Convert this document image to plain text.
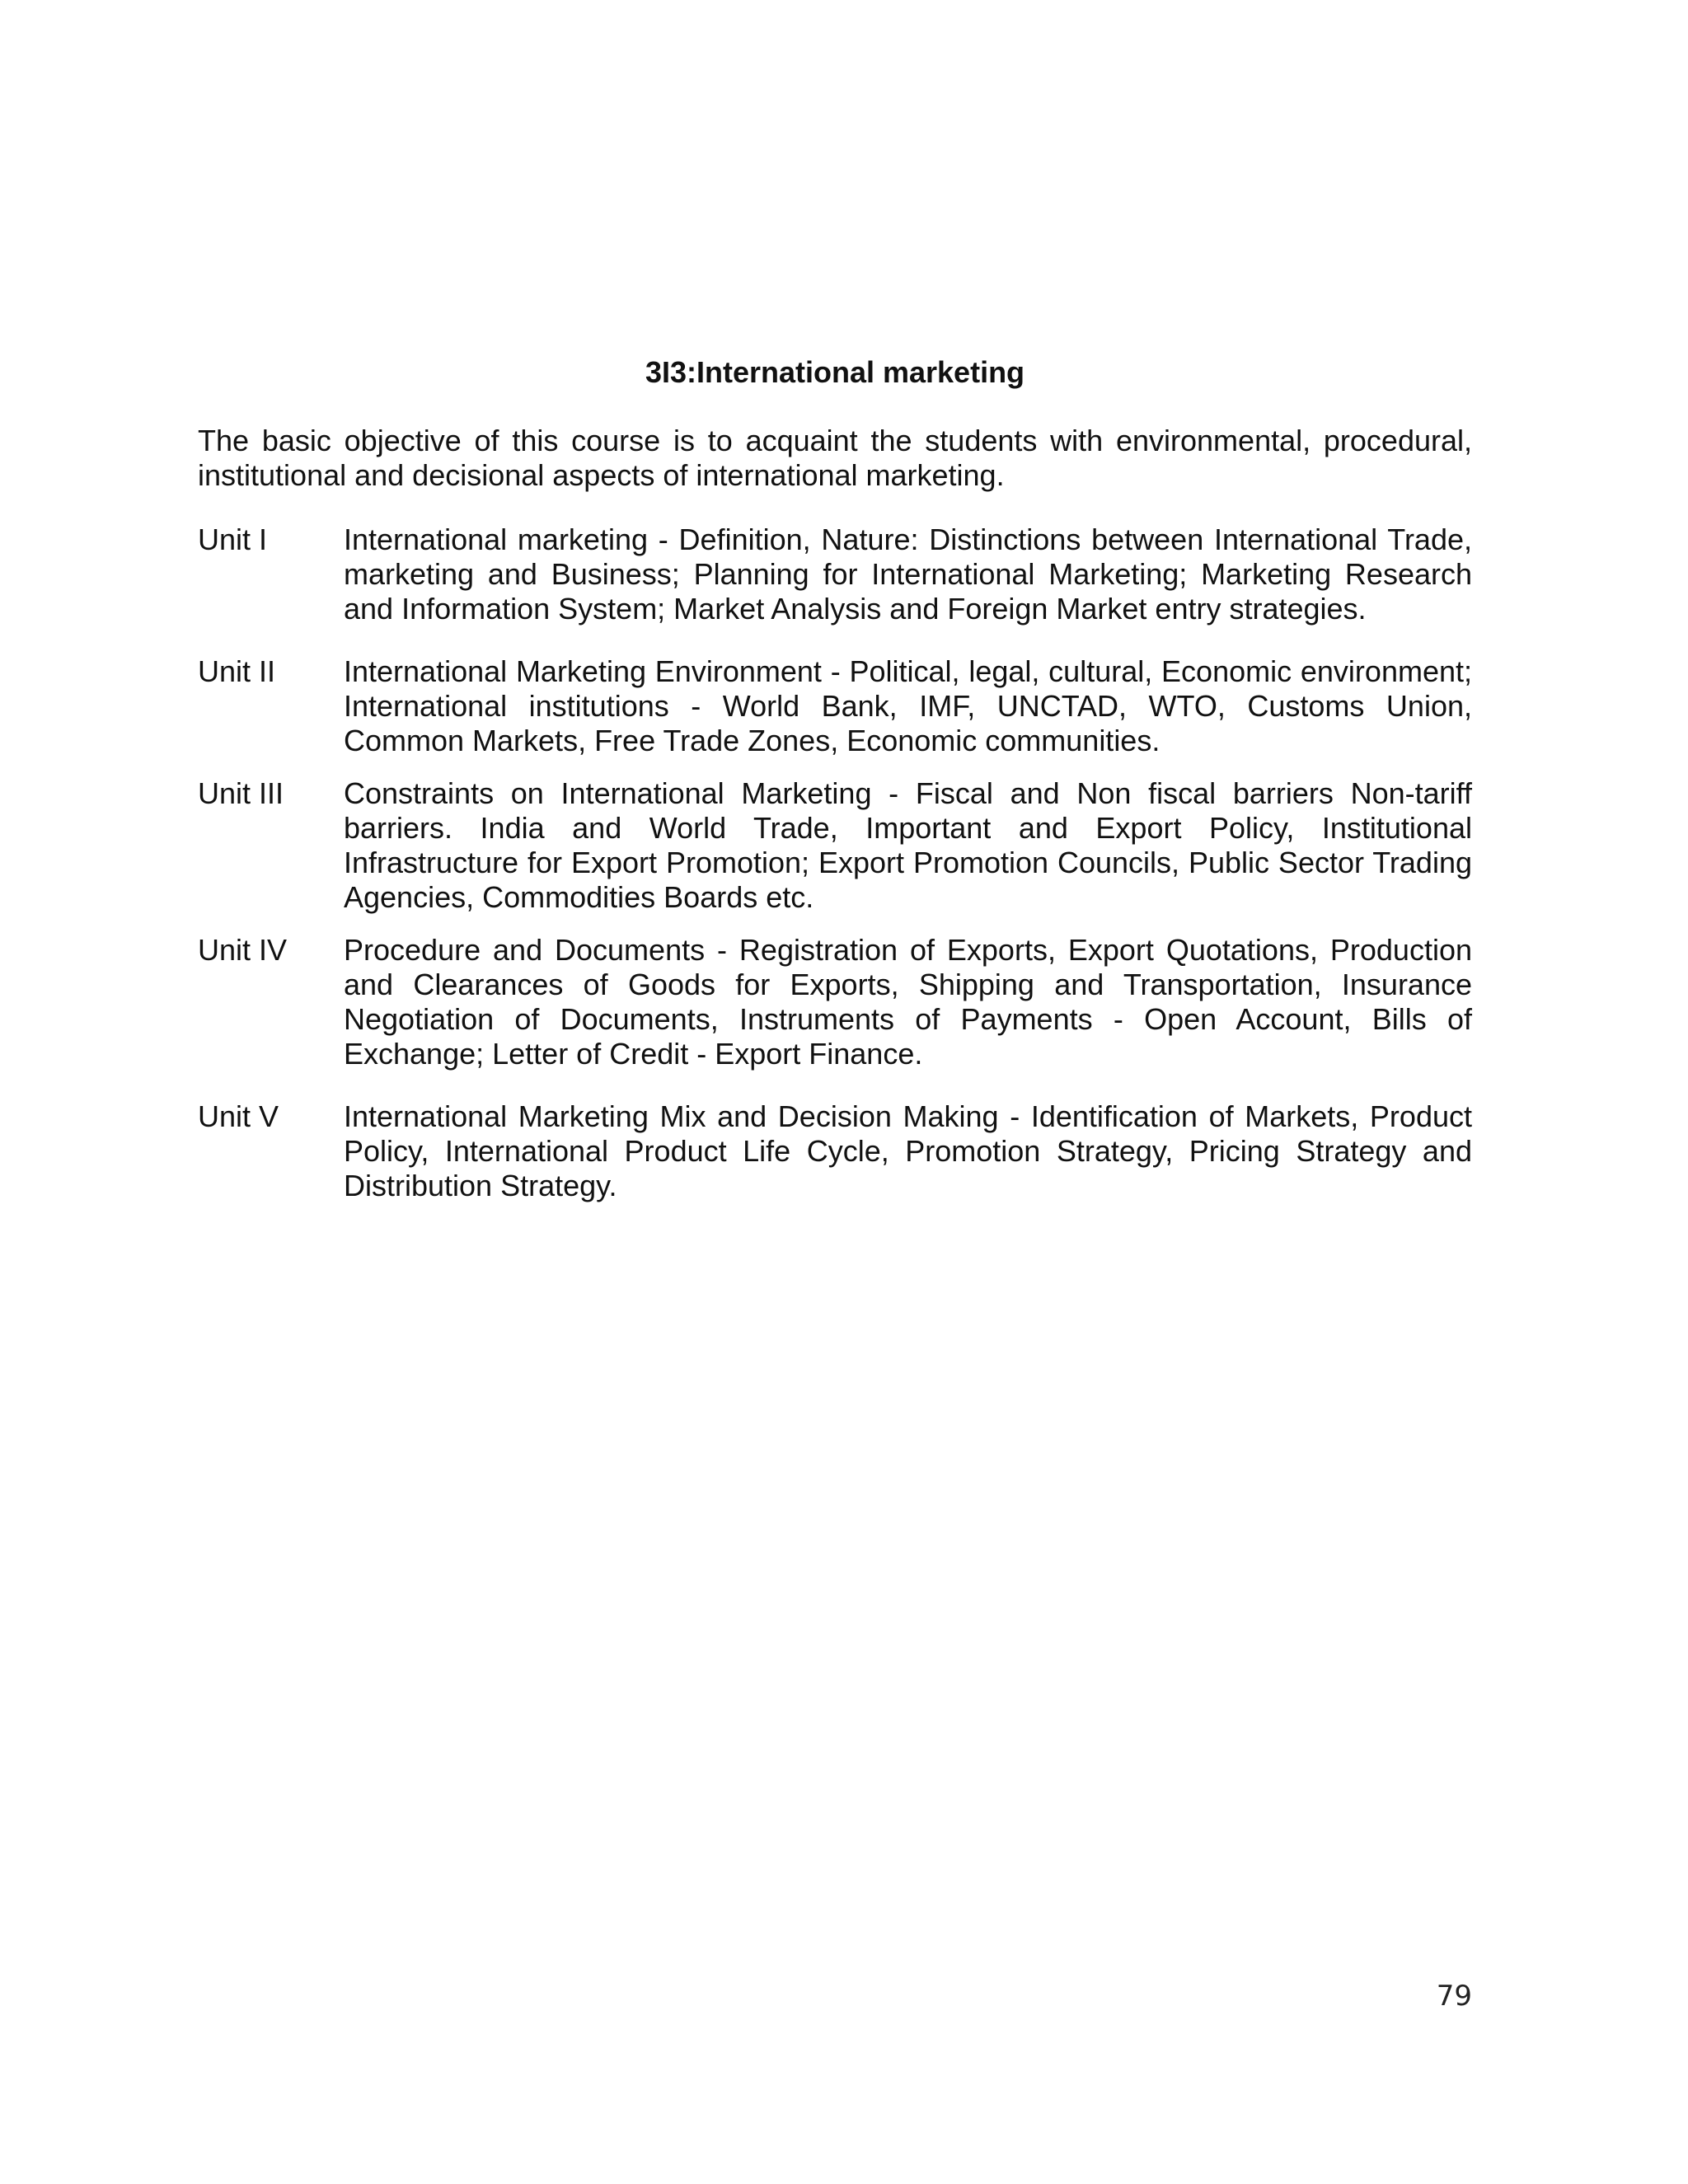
3I3:International marketing
The basic objective of this course is to acquaint the students with environmental, procedural, institutional and decisional aspects of international marketing.
Unit I	International marketing - Definition, Nature: Distinctions between International Trade, marketing and Business; Planning for International Marketing; Marketing Research and Information System; Market Analysis and Foreign Market entry strategies.
Unit II	International Marketing Environment - Political, legal, cultural, Economic environment; International institutions - World Bank, IMF, UNCTAD, WTO, Customs Union, Common Markets, Free Trade Zones, Economic communities.
Unit III	Constraints on International Marketing - Fiscal and Non fiscal barriers Non-tariff barriers. India and World Trade, Important and Export Policy, Institutional Infrastructure for Export Promotion; Export Promotion Councils, Public Sector Trading Agencies, Commodities Boards etc.
Unit IV	Procedure and Documents - Registration of Exports, Export Quotations, Production and Clearances of Goods for Exports, Shipping and Transportation, Insurance Negotiation of Documents, Instruments of Payments - Open Account, Bills of Exchange; Letter of Credit - Export Finance.
Unit V	International Marketing Mix and Decision Making - Identification of Markets, Product Policy, International Product Life Cycle, Promotion Strategy, Pricing Strategy and Distribution Strategy.
79
